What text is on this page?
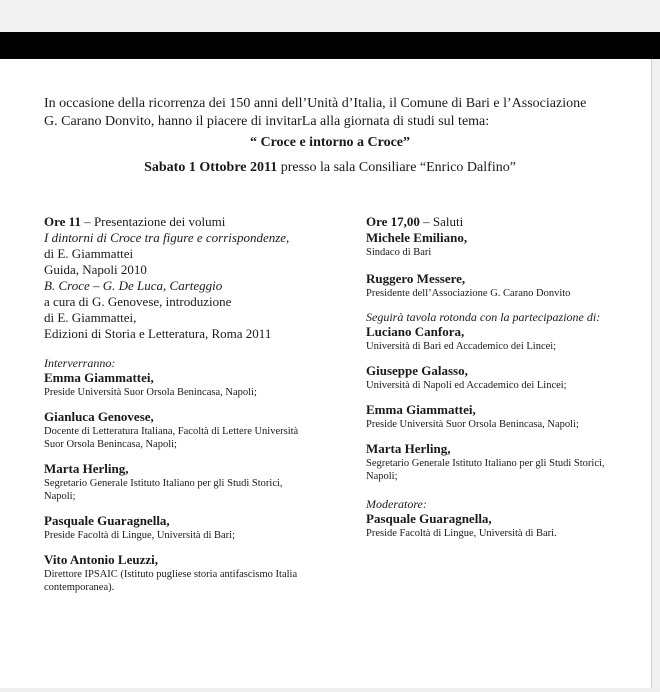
In occasione della ricorrenza dei 150 anni dell’Unità d’Italia, il Comune di Bari e l’Associazione

G. Carano Donvito, hanno il piacere di invitarLa alla giornata di studi sul tema:

“ Croce e intorno a Croce”
Sabato 1 Ottobre 2011 presso la sala Consiliare “Enrico Dalfino”
Ore 11 – Presentazione dei volumi
I dintorni di Croce tra figure e corrispondenze,
di E. Giammattei
Guida, Napoli 2010
B. Croce – G. De Luca, Carteggio
a cura di G. Genovese, introduzione
di E. Giammattei,
Edizioni di Storia e Letteratura, Roma 2011
Interverranno:
Emma Giammattei,
Preside Università Suor Orsola Benincasa, Napoli;
Gianluca Genovese,
Docente di Letteratura Italiana, Facoltà di Lettere Università
Suor Orsola Benincasa, Napoli;
Marta Herling,
Segretario Generale Istituto Italiano per gli Studi Storici,
Napoli;
Pasquale Guaragnella,
Preside Facoltà di Lingue, Università di Bari;
Vito Antonio Leuzzi,
Direttore IPSAIC (Istituto pugliese storia antifascismo Italia
contemporanea).
Ore 17,00 – Saluti
Michele Emiliano,
Sindaco di Bari
Ruggero Messere,
Presidente dell’Associazione G. Carano Donvito
Seguirà tavola rotonda con la partecipazione di:
Luciano Canfora,
Università di Bari ed Accademico dei Lincei;
Giuseppe Galasso,
Università di Napoli ed Accademico dei Lincei;
Emma Giammattei,
Preside Università Suor Orsola Benincasa, Napoli;
Marta Herling,
Segretario Generale Istituto Italiano per gli Studi Storici,
Napoli;
Moderatore:
Pasquale Guaragnella,
Preside Facoltà di Lingue, Università di Bari.
